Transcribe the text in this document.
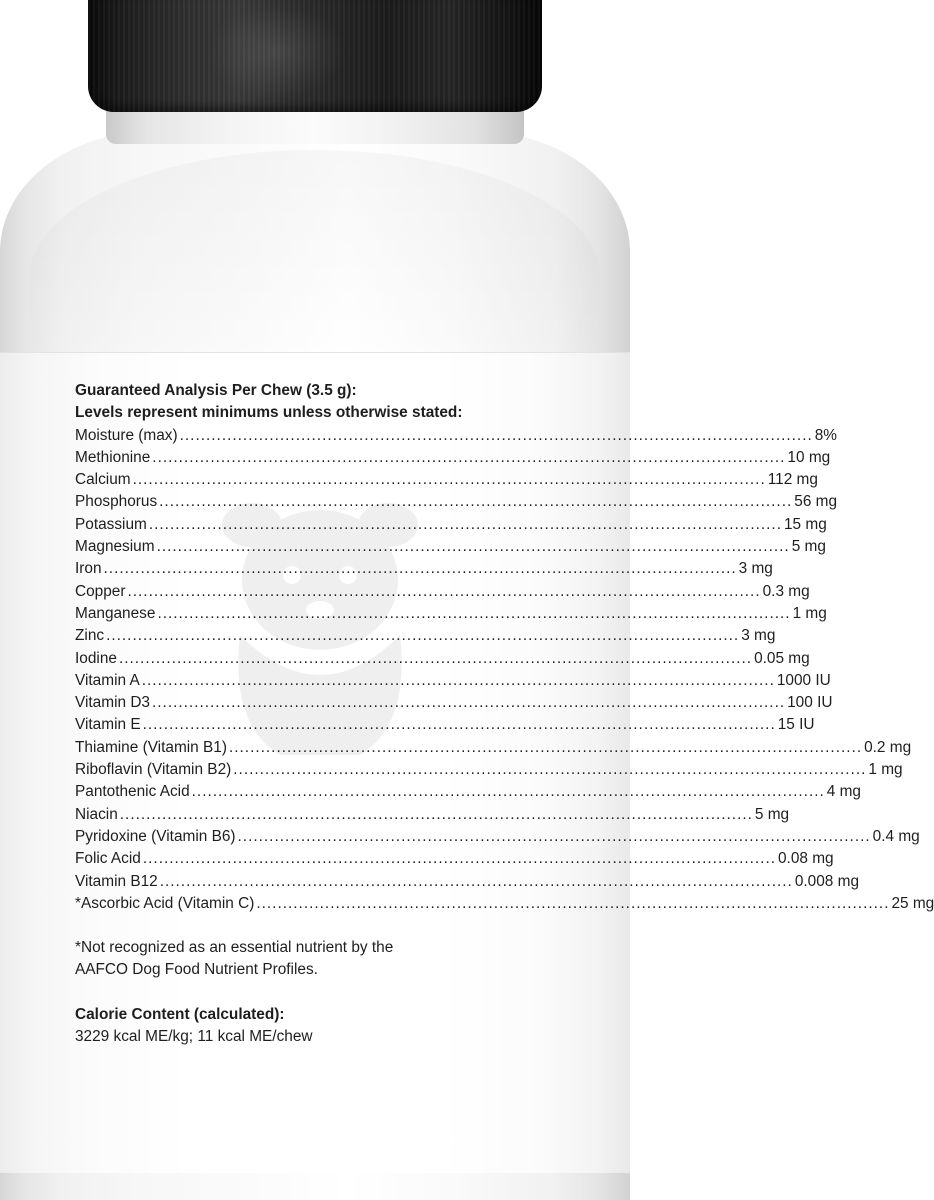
Guaranteed Analysis Per Chew (3.5 g):
Levels represent minimums unless otherwise stated:
Moisture (max) ........................................................................................................................ 8%
Methionine ........................................................................................................................ 10 mg
Calcium ........................................................................................................................ 112 mg
Phosphorus ........................................................................................................................ 56 mg
Potassium ........................................................................................................................ 15 mg
Magnesium ........................................................................................................................ 5 mg
Iron ........................................................................................................................ 3 mg
Copper ........................................................................................................................ 0.3 mg
Manganese ........................................................................................................................ 1 mg
Zinc ........................................................................................................................ 3 mg
Iodine ........................................................................................................................ 0.05 mg
Vitamin A ........................................................................................................................ 1000 IU
Vitamin D3 ........................................................................................................................ 100 IU
Vitamin E ........................................................................................................................ 15 IU
Thiamine (Vitamin B1) ........................................................................................................................ 0.2 mg
Riboflavin (Vitamin B2) ........................................................................................................................ 1 mg
Pantothenic Acid ........................................................................................................................ 4 mg
Niacin ........................................................................................................................ 5 mg
Pyridoxine (Vitamin B6) ........................................................................................................................ 0.4 mg
Folic Acid ........................................................................................................................ 0.08 mg
Vitamin B12 ........................................................................................................................ 0.008 mg
*Ascorbic Acid (Vitamin C) ........................................................................................................................ 25 mg
*Not recognized as an essential nutrient by the
AAFCO Dog Food Nutrient Profiles.
Calorie Content (calculated):
3229 kcal ME/kg; 11 kcal ME/chew
